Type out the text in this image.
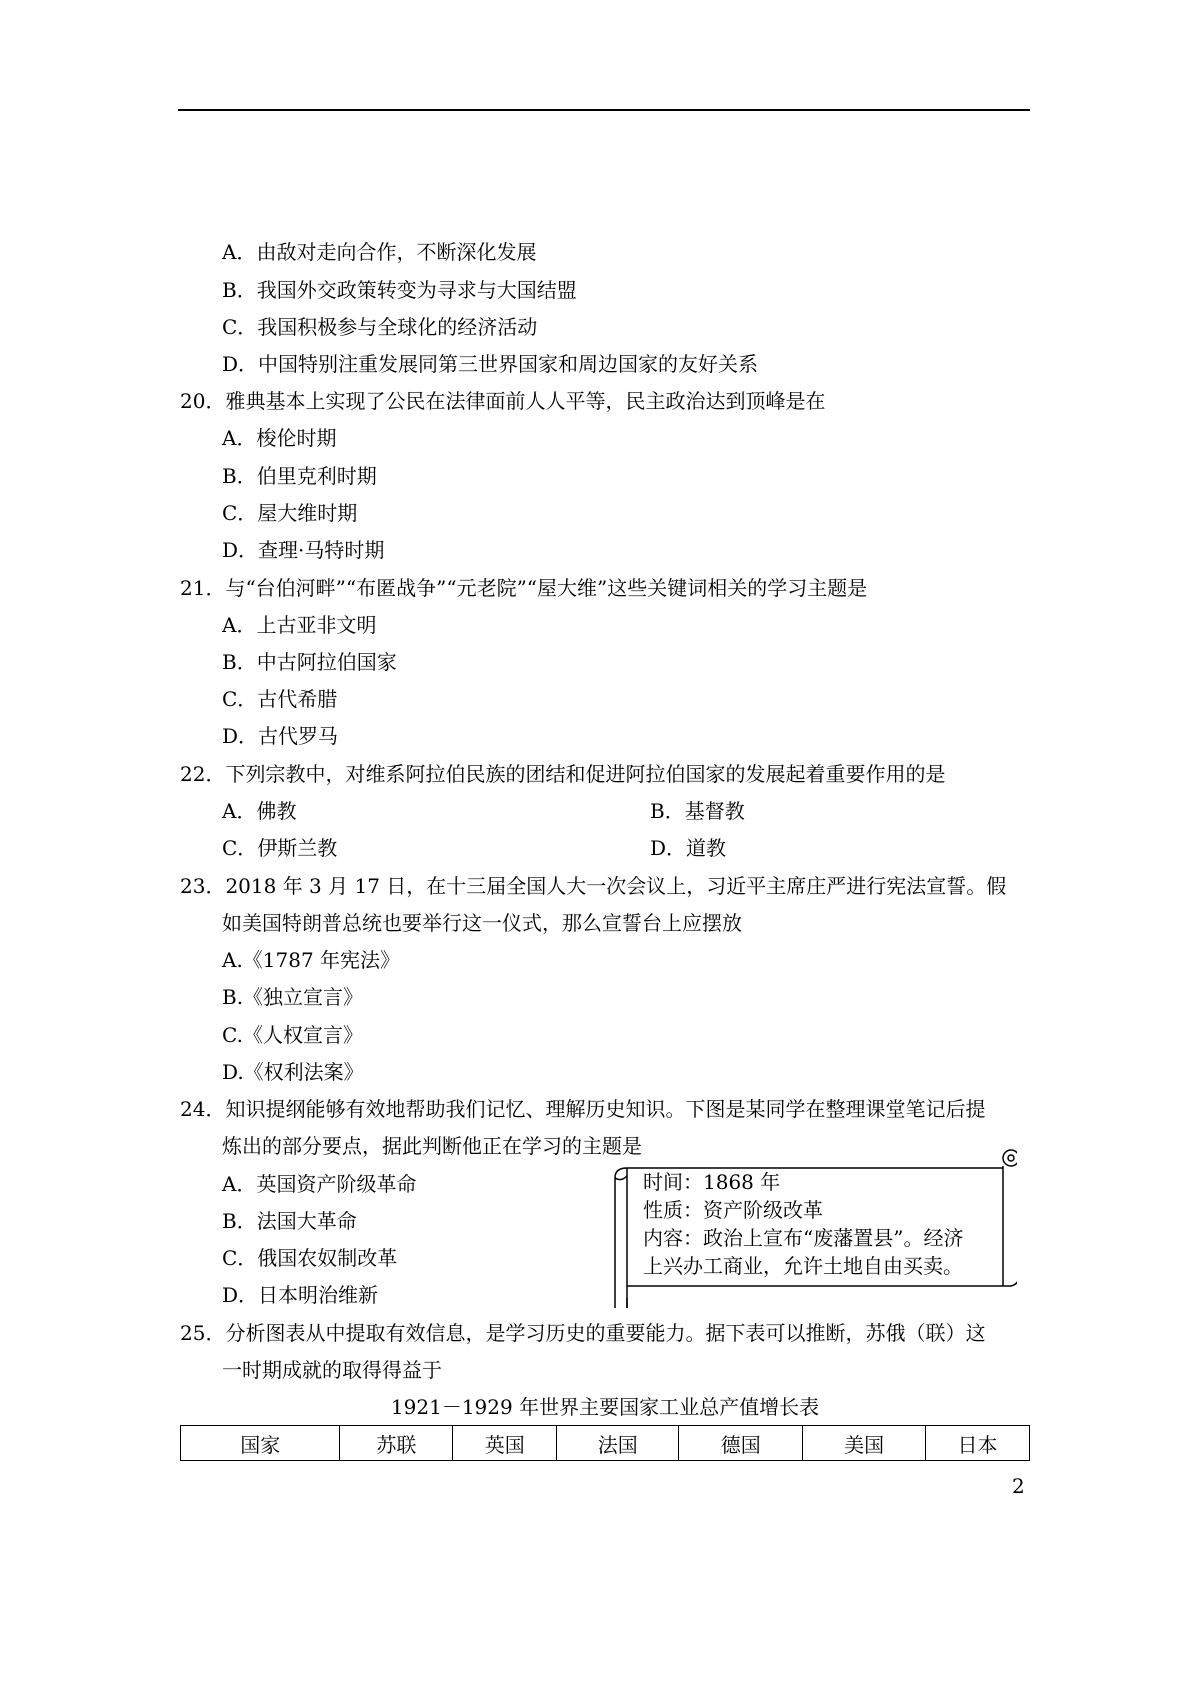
A．由敌对走向合作，不断深化发展
B．我国外交政策转变为寻求与大国结盟
C．我国积极参与全球化的经济活动
D．中国特别注重发展同第三世界国家和周边国家的友好关系
20．雅典基本上实现了公民在法律面前人人平等，民主政治达到顶峰是在
A．梭伦时期
B．伯里克利时期
C．屋大维时期
D．查理·马特时期
21．与“台伯河畔”“布匿战争”“元老院”“屋大维”这些关键词相关的学习主题是
A．上古亚非文明
B．中古阿拉伯国家
C．古代希腊
D．古代罗马
22．下列宗教中，对维系阿拉伯民族的团结和促进阿拉伯国家的发展起着重要作用的是
A．佛教	B．基督教
C．伊斯兰教	D．道教
23．2018 年 3 月 17 日，在十三届全国人大一次会议上，习近平主席庄严进行宪法宣誓。假
如美国特朗普总统也要举行这一仪式，那么宣誓台上应摆放
A.《1787 年宪法》
B.《独立宣言》
C.《人权宣言》
D.《权利法案》
24．知识提纲能够有效地帮助我们记忆、理解历史知识。下图是某同学在整理课堂笔记后提
炼出的部分要点，据此判断他正在学习的主题是
A．英国资产阶级革命
B．法国大革命
C．俄国农奴制改革
D．日本明治维新
时间：1868 年
性质：资产阶级改革
内容：政治上宣布“废藩置县”。经济
上兴办工商业，允许土地自由买卖。
25．分析图表从中提取有效信息，是学习历史的重要能力。据下表可以推断，苏俄（联）这
一时期成就的取得得益于
1921－1929 年世界主要国家工业总产值增长表
国家	苏联	英国	法国	德国	美国	日本
2
